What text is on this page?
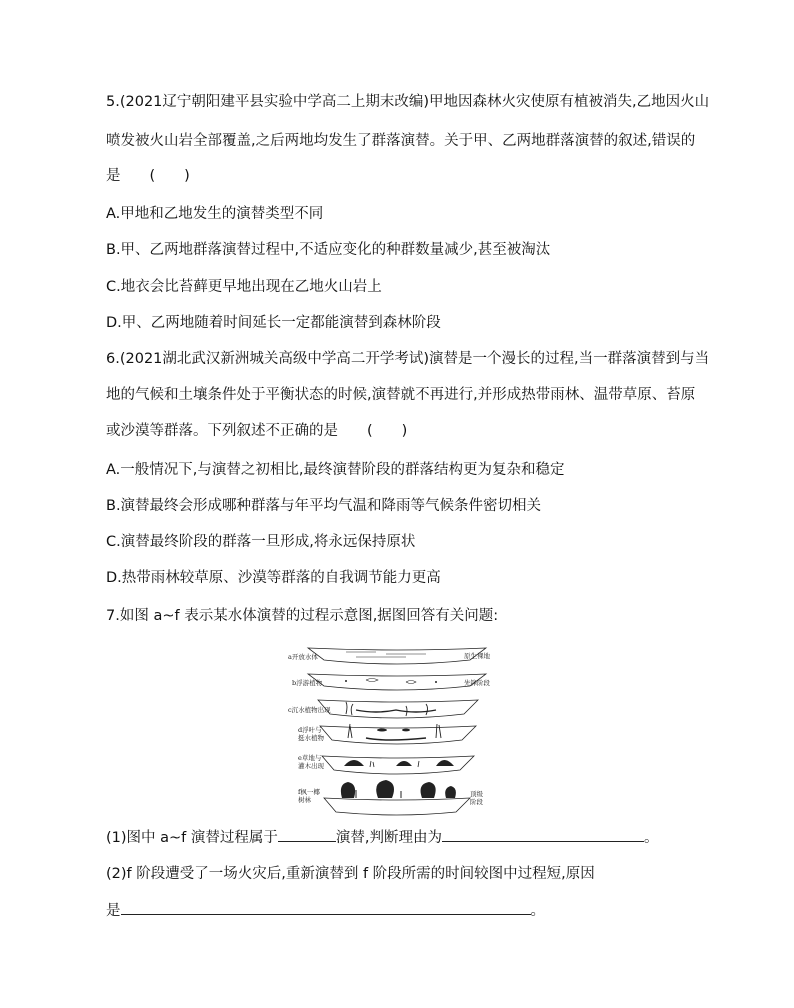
5.(2021辽宁朝阳建平县实验中学高二上期末改编)甲地因森林火灾使原有植被消失,乙地因火山
喷发被火山岩全部覆盖,之后两地均发生了群落演替。关于甲、乙两地群落演替的叙述,错误的
是　　(　　)
A.甲地和乙地发生的演替类型不同
B.甲、乙两地群落演替过程中,不适应变化的种群数量减少,甚至被淘汰
C.地衣会比苔藓更早地出现在乙地火山岩上
D.甲、乙两地随着时间延长一定都能演替到森林阶段
6.(2021湖北武汉新洲城关高级中学高二开学考试)演替是一个漫长的过程,当一群落演替到与当
地的气候和土壤条件处于平衡状态的时候,演替就不再进行,并形成热带雨林、温带草原、苔原
或沙漠等群落。下列叙述不正确的是　　(　　)
A.一般情况下,与演替之初相比,最终演替阶段的群落结构更为复杂和稳定
B.演替最终会形成哪种群落与年平均气温和降雨等气候条件密切相关
C.演替最终阶段的群落一旦形成,将永远保持原状
D.热带雨林较草原、沙漠等群落的自我调节能力更高
7.如图 a~f 表示某水体演替的过程示意图,据图回答有关问题:
a开放水体	原生裸地
b浮游植物	先锋阶段
c沉水植物出现
d浮叶与
挺水植物
e草地与
灌木出现
f枫一椰
树林
顶级
阶段
(1)图中 a~f 演替过程属于	演替,判断理由为	。
(2)f 阶段遭受了一场火灾后,重新演替到 f 阶段所需的时间较图中过程短,原因
是	。
